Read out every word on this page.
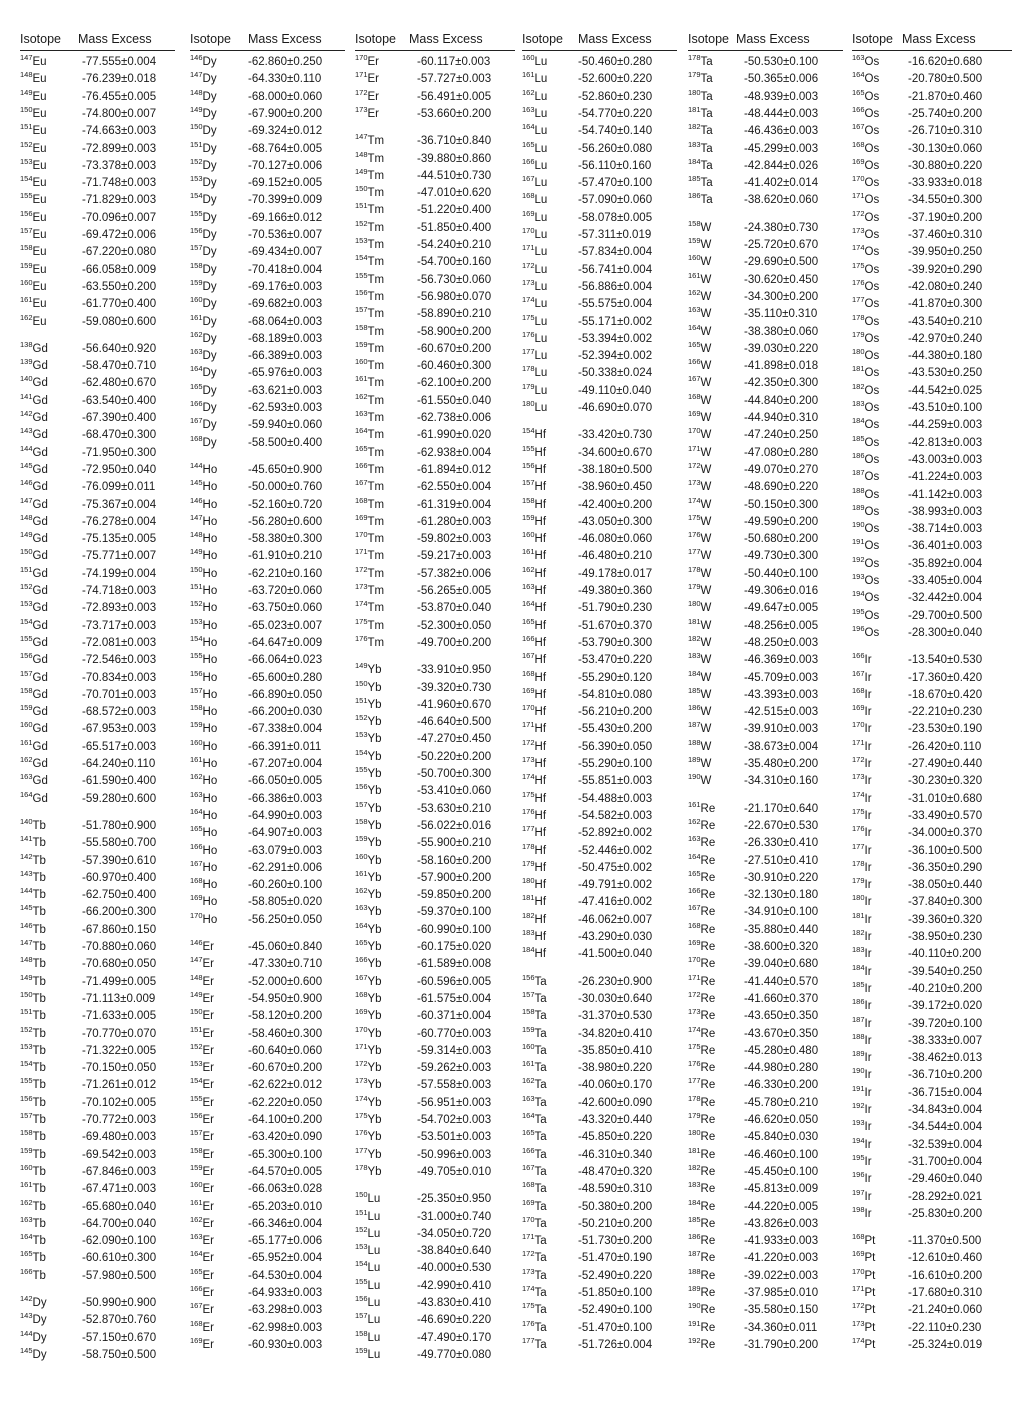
Isotope Mass Excess
$^{147}$Eu	-77.555±0.004
$^{148}$Eu	-76.239±0.018
$^{149}$Eu	-76.455±0.005
$^{150}$Eu	-74.800±0.007
$^{151}$Eu	-74.663±0.003
$^{152}$Eu	-72.899±0.003
$^{153}$Eu	-73.378±0.003
$^{154}$Eu	-71.748±0.003
$^{155}$Eu	-71.829±0.003
$^{156}$Eu	-70.096±0.007
$^{157}$Eu	-69.472±0.006
$^{158}$Eu	-67.220±0.080
$^{159}$Eu	-66.058±0.009
$^{160}$Eu	-63.550±0.200
$^{161}$Eu	-61.770±0.400
$^{162}$Eu	-59.080±0.600
$^{138}$Gd	-56.640±0.920
$^{139}$Gd	-58.470±0.710
$^{140}$Gd	-62.480±0.670
$^{141}$Gd	-63.540±0.400
$^{142}$Gd	-67.390±0.400
$^{143}$Gd	-68.470±0.300
$^{144}$Gd	-71.950±0.300
$^{145}$Gd	-72.950±0.040
$^{146}$Gd	-76.099±0.011
$^{147}$Gd	-75.367±0.004
$^{148}$Gd	-76.278±0.004
$^{149}$Gd	-75.135±0.005
$^{150}$Gd	-75.771±0.007
$^{151}$Gd	-74.199±0.004
$^{152}$Gd	-74.718±0.003
$^{153}$Gd	-72.893±0.003
$^{154}$Gd	-73.717±0.003
$^{155}$Gd	-72.081±0.003
$^{156}$Gd	-72.546±0.003
$^{157}$Gd	-70.834±0.003
$^{158}$Gd	-70.701±0.003
$^{159}$Gd	-68.572±0.003
$^{160}$Gd	-67.953±0.003
$^{161}$Gd	-65.517±0.003
$^{162}$Gd	-64.240±0.110
$^{163}$Gd	-61.590±0.400
$^{164}$Gd	-59.280±0.600
$^{140}$Tb	-51.780±0.900
$^{141}$Tb	-55.580±0.700
$^{142}$Tb	-57.390±0.610
$^{143}$Tb	-60.970±0.400
$^{144}$Tb	-62.750±0.400
$^{145}$Tb	-66.200±0.300
$^{146}$Tb	-67.860±0.150
$^{147}$Tb	-70.880±0.060
$^{148}$Tb	-70.680±0.050
$^{149}$Tb	-71.499±0.005
$^{150}$Tb	-71.113±0.009
$^{151}$Tb	-71.633±0.005
$^{152}$Tb	-70.770±0.070
$^{153}$Tb	-71.322±0.005
$^{154}$Tb	-70.150±0.050
$^{155}$Tb	-71.261±0.012
$^{156}$Tb	-70.102±0.005
$^{157}$Tb	-70.772±0.003
$^{158}$Tb	-69.480±0.003
$^{159}$Tb	-69.542±0.003
$^{160}$Tb	-67.846±0.003
$^{161}$Tb	-67.471±0.003
$^{162}$Tb	-65.680±0.040
$^{163}$Tb	-64.700±0.040
$^{164}$Tb	-62.090±0.100
$^{165}$Tb	-60.610±0.300
$^{166}$Tb	-57.980±0.500
$^{142}$Dy	-50.990±0.900
$^{143}$Dy	-52.870±0.760
$^{144}$Dy	-57.150±0.670
$^{145}$Dy	-58.750±0.500
Isotope Mass Excess
$^{146}$Dy	-62.860±0.250
$^{147}$Dy	-64.330±0.110
$^{148}$Dy	-68.000±0.060
$^{149}$Dy	-67.900±0.200
$^{150}$Dy	-69.324±0.012
$^{151}$Dy	-68.764±0.005
$^{152}$Dy	-70.127±0.006
$^{153}$Dy	-69.152±0.005
$^{154}$Dy	-70.399±0.009
$^{155}$Dy	-69.166±0.012
$^{156}$Dy	-70.536±0.007
$^{157}$Dy	-69.434±0.007
$^{158}$Dy	-70.418±0.004
$^{159}$Dy	-69.176±0.003
$^{160}$Dy	-69.682±0.003
$^{161}$Dy	-68.064±0.003
$^{162}$Dy	-68.189±0.003
$^{163}$Dy	-66.389±0.003
$^{164}$Dy	-65.976±0.003
$^{165}$Dy	-63.621±0.003
$^{166}$Dy	-62.593±0.003
$^{167}$Dy	-59.940±0.060
$^{168}$Dy	-58.500±0.400
$^{144}$Ho	-45.650±0.900
$^{145}$Ho	-50.000±0.760
$^{146}$Ho	-52.160±0.720
$^{147}$Ho	-56.280±0.600
$^{148}$Ho	-58.380±0.300
$^{149}$Ho	-61.910±0.210
$^{150}$Ho	-62.210±0.160
$^{151}$Ho	-63.720±0.060
$^{152}$Ho	-63.750±0.060
$^{153}$Ho	-65.023±0.007
$^{154}$Ho	-64.647±0.009
$^{155}$Ho	-66.064±0.023
$^{156}$Ho	-65.600±0.280
$^{157}$Ho	-66.890±0.050
$^{158}$Ho	-66.200±0.030
$^{159}$Ho	-67.338±0.004
$^{160}$Ho	-66.391±0.011
$^{161}$Ho	-67.207±0.004
$^{162}$Ho	-66.050±0.005
$^{163}$Ho	-66.386±0.003
$^{164}$Ho	-64.990±0.003
$^{165}$Ho	-64.907±0.003
$^{166}$Ho	-63.079±0.003
$^{167}$Ho	-62.291±0.006
$^{168}$Ho	-60.260±0.100
$^{169}$Ho	-58.805±0.020
$^{170}$Ho	-56.250±0.050
$^{146}$Er	-45.060±0.840
$^{147}$Er	-47.330±0.710
$^{148}$Er	-52.000±0.600
$^{149}$Er	-54.950±0.900
$^{150}$Er	-58.120±0.200
$^{151}$Er	-58.460±0.300
$^{152}$Er	-60.640±0.060
$^{153}$Er	-60.670±0.200
$^{154}$Er	-62.622±0.012
$^{155}$Er	-62.220±0.050
$^{156}$Er	-64.100±0.200
$^{157}$Er	-63.420±0.090
$^{158}$Er	-65.300±0.100
$^{159}$Er	-64.570±0.005
$^{160}$Er	-66.063±0.028
$^{161}$Er	-65.203±0.010
$^{162}$Er	-66.346±0.004
$^{163}$Er	-65.177±0.006
$^{164}$Er	-65.952±0.004
$^{165}$Er	-64.530±0.004
$^{166}$Er	-64.933±0.003
$^{167}$Er	-63.298±0.003
$^{168}$Er	-62.998±0.003
$^{169}$Er	-60.930±0.003
Isotope Mass Excess
$^{170}$Er	-60.117±0.003
$^{171}$Er	-57.727±0.003
$^{172}$Er	-56.491±0.005
$^{173}$Er	-53.660±0.200
$^{147}$Tm	-36.710±0.840
$^{148}$Tm	-39.880±0.860
$^{149}$Tm	-44.510±0.730
$^{150}$Tm	-47.010±0.620
$^{151}$Tm	-51.220±0.400
$^{152}$Tm	-51.850±0.400
$^{153}$Tm	-54.240±0.210
$^{154}$Tm	-54.700±0.160
$^{155}$Tm	-56.730±0.060
$^{156}$Tm	-56.980±0.070
$^{157}$Tm	-58.890±0.210
$^{158}$Tm	-58.900±0.200
$^{159}$Tm	-60.670±0.200
$^{160}$Tm	-60.460±0.300
$^{161}$Tm	-62.100±0.200
$^{162}$Tm	-61.550±0.040
$^{163}$Tm	-62.738±0.006
$^{164}$Tm	-61.990±0.020
$^{165}$Tm	-62.938±0.004
$^{166}$Tm	-61.894±0.012
$^{167}$Tm	-62.550±0.004
$^{168}$Tm	-61.319±0.004
$^{169}$Tm	-61.280±0.003
$^{170}$Tm	-59.802±0.003
$^{171}$Tm	-59.217±0.003
$^{172}$Tm	-57.382±0.006
$^{173}$Tm	-56.265±0.005
$^{174}$Tm	-53.870±0.040
$^{175}$Tm	-52.300±0.050
$^{176}$Tm	-49.700±0.200
$^{149}$Yb	-33.910±0.950
$^{150}$Yb	-39.320±0.730
$^{151}$Yb	-41.960±0.670
$^{152}$Yb	-46.640±0.500
$^{153}$Yb	-47.270±0.450
$^{154}$Yb	-50.220±0.200
$^{155}$Yb	-50.700±0.300
$^{156}$Yb	-53.410±0.060
$^{157}$Yb	-53.630±0.210
$^{158}$Yb	-56.022±0.016
$^{159}$Yb	-55.900±0.210
$^{160}$Yb	-58.160±0.200
$^{161}$Yb	-57.900±0.200
$^{162}$Yb	-59.850±0.200
$^{163}$Yb	-59.370±0.100
$^{164}$Yb	-60.990±0.100
$^{165}$Yb	-60.175±0.020
$^{166}$Yb	-61.589±0.008
$^{167}$Yb	-60.596±0.005
$^{168}$Yb	-61.575±0.004
$^{169}$Yb	-60.371±0.004
$^{170}$Yb	-60.770±0.003
$^{171}$Yb	-59.314±0.003
$^{172}$Yb	-59.262±0.003
$^{173}$Yb	-57.558±0.003
$^{174}$Yb	-56.951±0.003
$^{175}$Yb	-54.702±0.003
$^{176}$Yb	-53.501±0.003
$^{177}$Yb	-50.996±0.003
$^{178}$Yb	-49.705±0.010
$^{150}$Lu	-25.350±0.950
$^{151}$Lu	-31.000±0.740
$^{152}$Lu	-34.050±0.720
$^{153}$Lu	-38.840±0.640
$^{154}$Lu	-40.000±0.530
$^{155}$Lu	-42.990±0.410
$^{156}$Lu	-43.830±0.410
$^{157}$Lu	-46.690±0.220
$^{158}$Lu	-47.490±0.170
$^{159}$Lu	-49.770±0.080
Isotope Mass Excess
$^{160}$Lu	-50.460±0.280
$^{161}$Lu	-52.600±0.220
$^{162}$Lu	-52.860±0.230
$^{163}$Lu	-54.770±0.220
$^{164}$Lu	-54.740±0.140
$^{165}$Lu	-56.260±0.080
$^{166}$Lu	-56.110±0.160
$^{167}$Lu	-57.470±0.100
$^{168}$Lu	-57.090±0.060
$^{169}$Lu	-58.078±0.005
$^{170}$Lu	-57.311±0.019
$^{171}$Lu	-57.834±0.004
$^{172}$Lu	-56.741±0.004
$^{173}$Lu	-56.886±0.004
$^{174}$Lu	-55.575±0.004
$^{175}$Lu	-55.171±0.002
$^{176}$Lu	-53.394±0.002
$^{177}$Lu	-52.394±0.002
$^{178}$Lu	-50.338±0.024
$^{179}$Lu	-49.110±0.040
$^{180}$Lu	-46.690±0.070
$^{154}$Hf	-33.420±0.730
$^{155}$Hf	-34.600±0.670
$^{156}$Hf	-38.180±0.500
$^{157}$Hf	-38.960±0.450
$^{158}$Hf	-42.400±0.200
$^{159}$Hf	-43.050±0.300
$^{160}$Hf	-46.080±0.060
$^{161}$Hf	-46.480±0.210
$^{162}$Hf	-49.178±0.017
$^{163}$Hf	-49.380±0.360
$^{164}$Hf	-51.790±0.230
$^{165}$Hf	-51.670±0.370
$^{166}$Hf	-53.790±0.300
$^{167}$Hf	-53.470±0.220
$^{168}$Hf	-55.290±0.120
$^{169}$Hf	-54.810±0.080
$^{170}$Hf	-56.210±0.200
$^{171}$Hf	-55.430±0.200
$^{172}$Hf	-56.390±0.050
$^{173}$Hf	-55.290±0.100
$^{174}$Hf	-55.851±0.003
$^{175}$Hf	-54.488±0.003
$^{176}$Hf	-54.582±0.003
$^{177}$Hf	-52.892±0.002
$^{178}$Hf	-52.446±0.002
$^{179}$Hf	-50.475±0.002
$^{180}$Hf	-49.791±0.002
$^{181}$Hf	-47.416±0.002
$^{182}$Hf	-46.062±0.007
$^{183}$Hf	-43.290±0.030
$^{184}$Hf	-41.500±0.040
$^{156}$Ta	-26.230±0.900
$^{157}$Ta	-30.030±0.640
$^{158}$Ta	-31.370±0.530
$^{159}$Ta	-34.820±0.410
$^{160}$Ta	-35.850±0.410
$^{161}$Ta	-38.980±0.220
$^{162}$Ta	-40.060±0.170
$^{163}$Ta	-42.600±0.090
$^{164}$Ta	-43.320±0.440
$^{165}$Ta	-45.850±0.220
$^{166}$Ta	-46.310±0.340
$^{167}$Ta	-48.470±0.320
$^{168}$Ta	-48.590±0.310
$^{169}$Ta	-50.380±0.200
$^{170}$Ta	-50.210±0.200
$^{171}$Ta	-51.730±0.200
$^{172}$Ta	-51.470±0.190
$^{173}$Ta	-52.490±0.220
$^{174}$Ta	-51.850±0.100
$^{175}$Ta	-52.490±0.100
$^{176}$Ta	-51.470±0.100
$^{177}$Ta	-51.726±0.004
Isotope Mass Excess
$^{178}$Ta	-50.530±0.100
$^{179}$Ta	-50.365±0.006
$^{180}$Ta	-48.939±0.003
$^{181}$Ta	-48.444±0.003
$^{182}$Ta	-46.436±0.003
$^{183}$Ta	-45.299±0.003
$^{184}$Ta	-42.844±0.026
$^{185}$Ta	-41.402±0.014
$^{186}$Ta	-38.620±0.060
$^{158}$W	-24.380±0.730
$^{159}$W	-25.720±0.670
$^{160}$W	-29.690±0.500
$^{161}$W	-30.620±0.450
$^{162}$W	-34.300±0.200
$^{163}$W	-35.110±0.310
$^{164}$W	-38.380±0.060
$^{165}$W	-39.030±0.220
$^{166}$W	-41.898±0.018
$^{167}$W	-42.350±0.300
$^{168}$W	-44.840±0.200
$^{169}$W	-44.940±0.310
$^{170}$W	-47.240±0.250
$^{171}$W	-47.080±0.280
$^{172}$W	-49.070±0.270
$^{173}$W	-48.690±0.220
$^{174}$W	-50.150±0.300
$^{175}$W	-49.590±0.200
$^{176}$W	-50.680±0.200
$^{177}$W	-49.730±0.300
$^{178}$W	-50.440±0.100
$^{179}$W	-49.306±0.016
$^{180}$W	-49.647±0.005
$^{181}$W	-48.256±0.005
$^{182}$W	-48.250±0.003
$^{183}$W	-46.369±0.003
$^{184}$W	-45.709±0.003
$^{185}$W	-43.393±0.003
$^{186}$W	-42.515±0.003
$^{187}$W	-39.910±0.003
$^{188}$W	-38.673±0.004
$^{189}$W	-35.480±0.200
$^{190}$W	-34.310±0.160
$^{161}$Re	-21.170±0.640
$^{162}$Re	-22.670±0.530
$^{163}$Re	-26.330±0.410
$^{164}$Re	-27.510±0.410
$^{165}$Re	-30.910±0.220
$^{166}$Re	-32.130±0.180
$^{167}$Re	-34.910±0.100
$^{168}$Re	-35.880±0.440
$^{169}$Re	-38.600±0.320
$^{170}$Re	-39.040±0.680
$^{171}$Re	-41.440±0.570
$^{172}$Re	-41.660±0.370
$^{173}$Re	-43.650±0.350
$^{174}$Re	-43.670±0.350
$^{175}$Re	-45.280±0.480
$^{176}$Re	-44.980±0.280
$^{177}$Re	-46.330±0.200
$^{178}$Re	-45.780±0.210
$^{179}$Re	-46.620±0.050
$^{180}$Re	-45.840±0.030
$^{181}$Re	-46.460±0.100
$^{182}$Re	-45.450±0.100
$^{183}$Re	-45.813±0.009
$^{184}$Re	-44.220±0.005
$^{185}$Re	-43.826±0.003
$^{186}$Re	-41.933±0.003
$^{187}$Re	-41.220±0.003
$^{188}$Re	-39.022±0.003
$^{189}$Re	-37.985±0.010
$^{190}$Re	-35.580±0.150
$^{191}$Re	-34.360±0.011
$^{192}$Re	-31.790±0.200
Isotope Mass Excess
$^{163}$Os	-16.620±0.680
$^{164}$Os	-20.780±0.500
$^{165}$Os	-21.870±0.460
$^{166}$Os	-25.740±0.200
$^{167}$Os	-26.710±0.310
$^{168}$Os	-30.130±0.060
$^{169}$Os	-30.880±0.220
$^{170}$Os	-33.933±0.018
$^{171}$Os	-34.550±0.300
$^{172}$Os	-37.190±0.200
$^{173}$Os	-37.460±0.310
$^{174}$Os	-39.950±0.250
$^{175}$Os	-39.920±0.290
$^{176}$Os	-42.080±0.240
$^{177}$Os	-41.870±0.300
$^{178}$Os	-43.540±0.210
$^{179}$Os	-42.970±0.240
$^{180}$Os	-44.380±0.180
$^{181}$Os	-43.530±0.250
$^{182}$Os	-44.542±0.025
$^{183}$Os	-43.510±0.100
$^{184}$Os	-44.259±0.003
$^{185}$Os	-42.813±0.003
$^{186}$Os	-43.003±0.003
$^{187}$Os	-41.224±0.003
$^{188}$Os	-41.142±0.003
$^{189}$Os	-38.993±0.003
$^{190}$Os	-38.714±0.003
$^{191}$Os	-36.401±0.003
$^{192}$Os	-35.892±0.004
$^{193}$Os	-33.405±0.004
$^{194}$Os	-32.442±0.004
$^{195}$Os	-29.700±0.500
$^{196}$Os	-28.300±0.040
$^{166}$Ir	-13.540±0.530
$^{167}$Ir	-17.360±0.420
$^{168}$Ir	-18.670±0.420
$^{169}$Ir	-22.210±0.230
$^{170}$Ir	-23.530±0.190
$^{171}$Ir	-26.420±0.110
$^{172}$Ir	-27.490±0.440
$^{173}$Ir	-30.230±0.320
$^{174}$Ir	-31.010±0.680
$^{175}$Ir	-33.490±0.570
$^{176}$Ir	-34.000±0.370
$^{177}$Ir	-36.100±0.500
$^{178}$Ir	-36.350±0.290
$^{179}$Ir	-38.050±0.440
$^{180}$Ir	-37.840±0.300
$^{181}$Ir	-39.360±0.320
$^{182}$Ir	-38.950±0.230
$^{183}$Ir	-40.110±0.200
$^{184}$Ir	-39.540±0.250
$^{185}$Ir	-40.210±0.200
$^{186}$Ir	-39.172±0.020
$^{187}$Ir	-39.720±0.100
$^{188}$Ir	-38.333±0.007
$^{189}$Ir	-38.462±0.013
$^{190}$Ir	-36.710±0.200
$^{191}$Ir	-36.715±0.004
$^{192}$Ir	-34.843±0.004
$^{193}$Ir	-34.544±0.004
$^{194}$Ir	-32.539±0.004
$^{195}$Ir	-31.700±0.004
$^{196}$Ir	-29.460±0.040
$^{197}$Ir	-28.292±0.021
$^{198}$Ir	-25.830±0.200
$^{168}$Pt	-11.370±0.500
$^{169}$Pt	-12.610±0.460
$^{170}$Pt	-16.610±0.200
$^{171}$Pt	-17.680±0.310
$^{172}$Pt	-21.240±0.060
$^{173}$Pt	-22.110±0.230
$^{174}$Pt	-25.324±0.019
